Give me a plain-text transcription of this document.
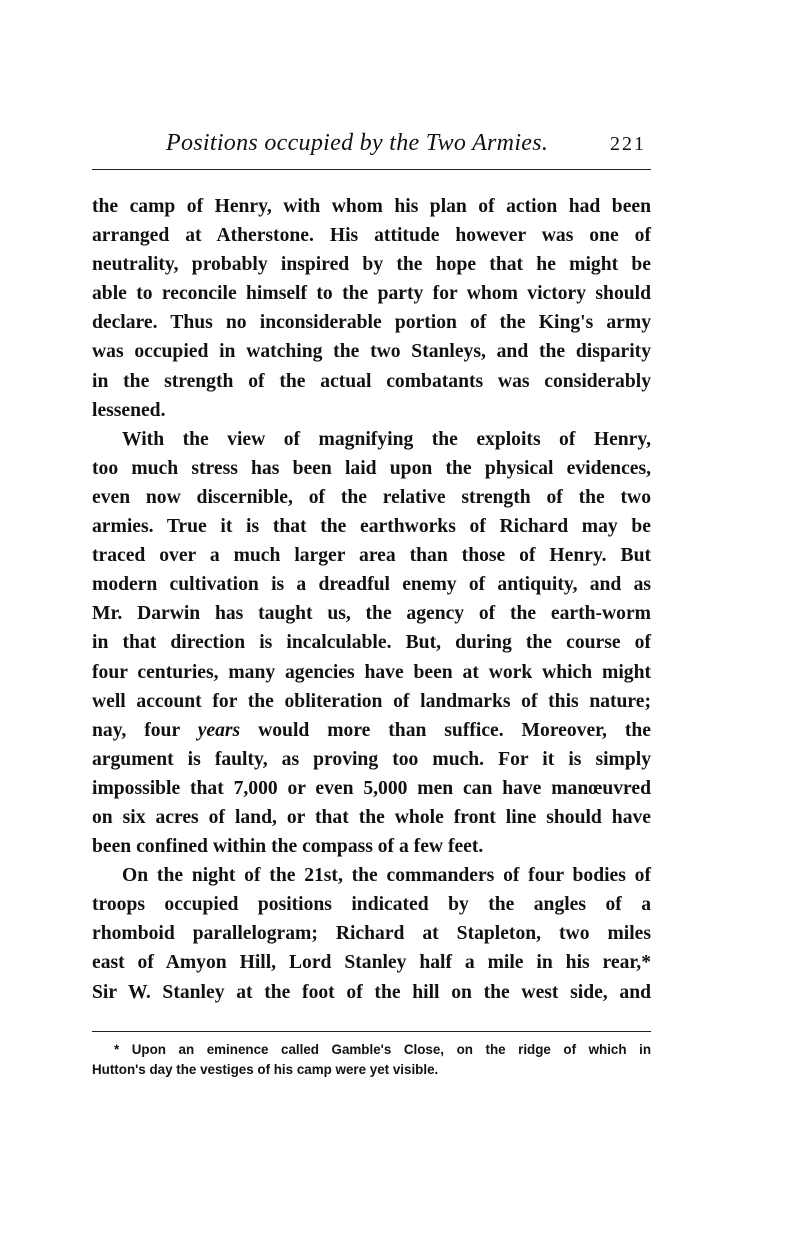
Positions occupied by the Two Armies.	221
the camp of Henry, with whom his plan of action had been
arranged at Atherstone. His attitude however was one of
neutrality, probably inspired by the hope that he might be
able to reconcile himself to the party for whom victory should
declare. Thus no inconsiderable portion of the King's army
was occupied in watching the two Stanleys, and the disparity
in the strength of the actual combatants was considerably
lessened.
With the view of magnifying the exploits of Henry,
too much stress has been laid upon the physical evidences,
even now discernible, of the relative strength of the two
armies. True it is that the earthworks of Richard may be
traced over a much larger area than those of Henry. But
modern cultivation is a dreadful enemy of antiquity, and as
Mr. Darwin has taught us, the agency of the earth-worm
in that direction is incalculable. But, during the course of
four centuries, many agencies have been at work which might
well account for the obliteration of landmarks of this nature;
nay, four years would more than suffice. Moreover, the
argument is faulty, as proving too much. For it is simply
impossible that 7,000 or even 5,000 men can have manœuvred
on six acres of land, or that the whole front line should have
been confined within the compass of a few feet.
On the night of the 21st, the commanders of four bodies of
troops occupied positions indicated by the angles of a
rhomboid parallelogram; Richard at Stapleton, two miles
east of Amyon Hill, Lord Stanley half a mile in his rear,*
Sir W. Stanley at the foot of the hill on the west side, and
* Upon an eminence called Gamble's Close, on the ridge of which in
Hutton's day the vestiges of his camp were yet visible.
